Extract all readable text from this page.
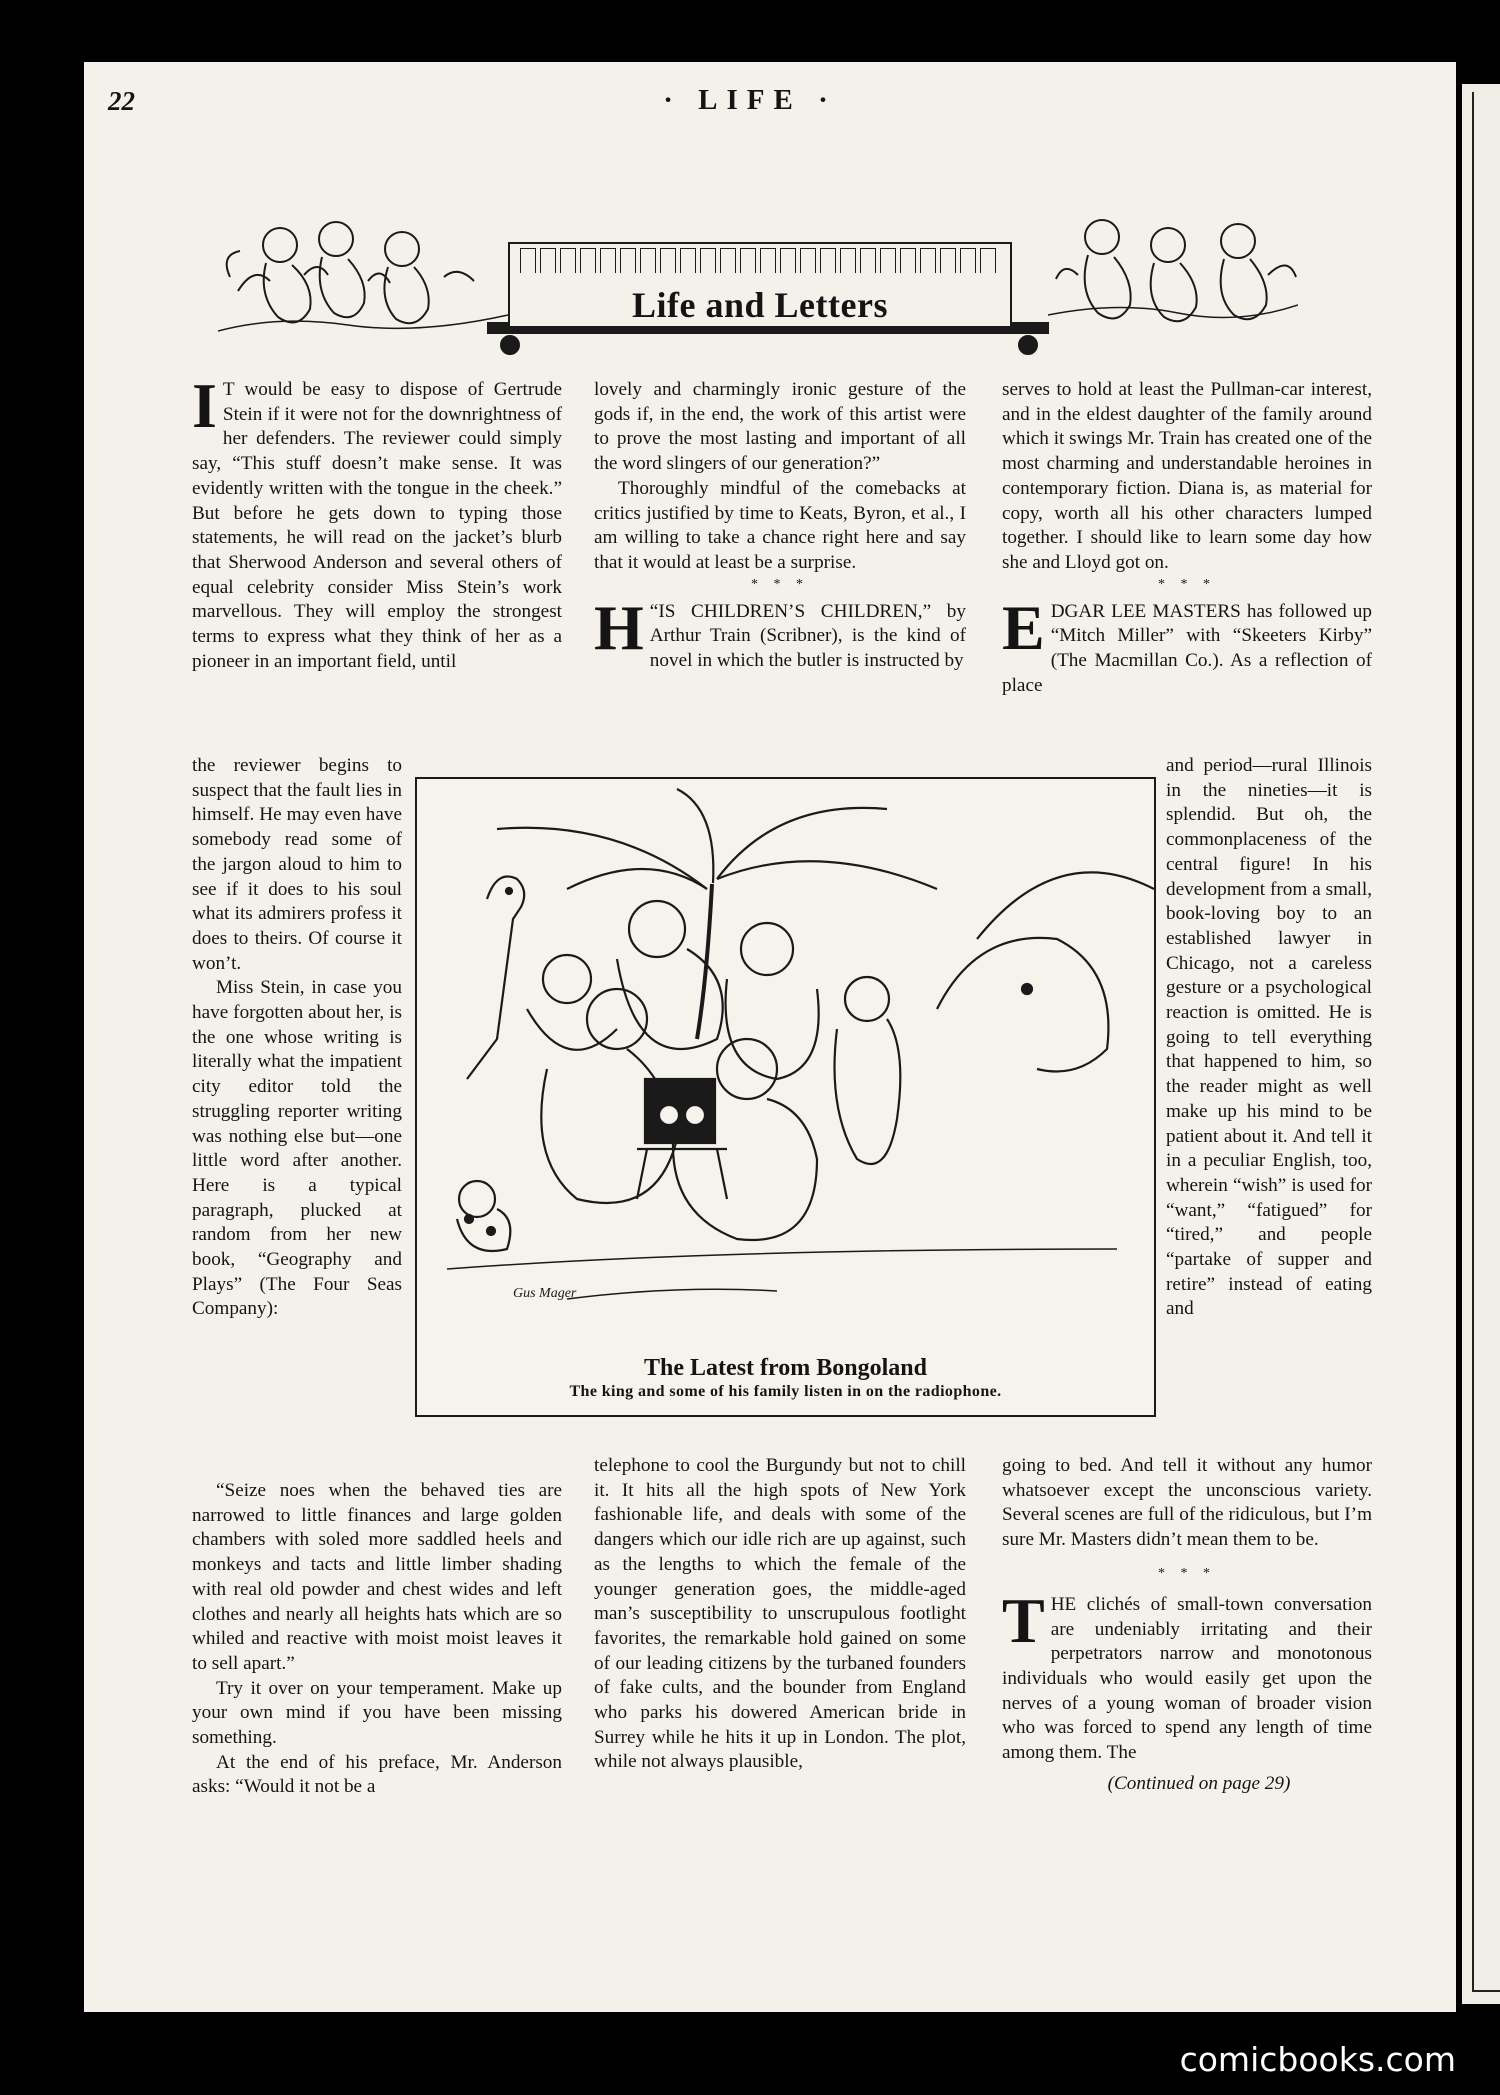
22	· LIFE ·
Life and Letters

I T would be easy to dispose of Gertrude Stein if it were not for the downrightness of her defenders. The reviewer could simply say, “This stuff doesn’t make sense. It was evidently written with the tongue in the cheek.” But before he gets down to typing those statements, he will read on the jacket’s blurb that Sherwood Anderson and several others of equal celebrity consider Miss Stein’s work marvellous. They will employ the strongest terms to express what they think of her as a pioneer in an important field, until

the reviewer begins to suspect that the fault lies in himself. He may even have somebody read some of the jargon aloud to him to see if it does to his soul what its admirers profess it does to theirs. Of course it won’t.

Miss Stein, in case you have forgotten about her, is the one whose writing is literally what the impatient city editor told the struggling reporter writing was nothing else but—one little word after another. Here is a typical paragraph, plucked at random from her new book, “Geography and Plays” (The Four Seas Company):

“Seize noes when the behaved ties are narrowed to little finances and large golden chambers with soled more saddled heels and monkeys and tacts and little limber shading with real old powder and chest wides and left clothes and nearly all heights hats which are so whiled and reactive with moist moist leaves it to sell apart.”

Try it over on your temperament. Make up your own mind if you have been missing something.

At the end of his preface, Mr. Anderson asks: “Would it not be a

lovely and charmingly ironic gesture of the gods if, in the end, the work of this artist were to prove the most lasting and important of all the word slingers of our generation?”

Thoroughly mindful of the comebacks at critics justified by time to Keats, Byron, et al., I am willing to take a chance right here and say that it would at least be a surprise.

* * *

“
H IS CHILDREN’S CHILDREN,” by Arthur Train (Scribner), is the kind of novel in which the butler is instructed by

telephone to cool the Burgundy but not to chill it. It hits all the high spots of New York fashionable life, and deals with some of the dangers which our idle rich are up against, such as the lengths to which the female of the younger generation goes, the middle-aged man’s susceptibility to unscrupulous footlight favorites, the remarkable hold gained on some of our leading citizens by the turbaned founders of fake cults, and the bounder from England who parks his dowered American bride in Surrey while he hits it up in London. The plot, while not always plausible,

serves to hold at least the Pullman-car interest, and in the eldest daughter of the family around which it swings Mr. Train has created one of the most charming and understandable heroines in contemporary fiction. Diana is, as material for copy, worth all his other characters lumped together. I should like to learn some day how she and Lloyd got on.

* * *

EDGAR LEE MASTERS has followed up “Mitch Miller” with “Skeeters Kirby” (The Macmillan Co.). As a reflection of place

and period—rural Illinois in the nineties—it is splendid. But oh, the commonplaceness of the central figure! In his development from a small, book-loving boy to an established lawyer in Chicago, not a careless gesture or a psychological reaction is omitted. He is going to tell everything that happened to him, so the reader might as well make up his mind to be patient about it. And tell it in a peculiar English, too, wherein “wish” is used for “want,” “fatigued” for “tired,” and people “partake of supper and retire” instead of eating and

going to bed. And tell it without any humor whatsoever except the unconscious variety. Several scenes are full of the ridiculous, but I’m sure Mr. Masters didn’t mean them to be.

* * *

THE clichés of small-town conversation are undeniably irritating and their perpetrators narrow and monotonous individuals who would easily get upon the nerves of a young woman of broader vision who was forced to spend any length of time among them. The

(Continued on page 29)

Gus Mager
The Latest from Bongoland
The king and some of his family listen in on the radiophone.
comicbooks.com
